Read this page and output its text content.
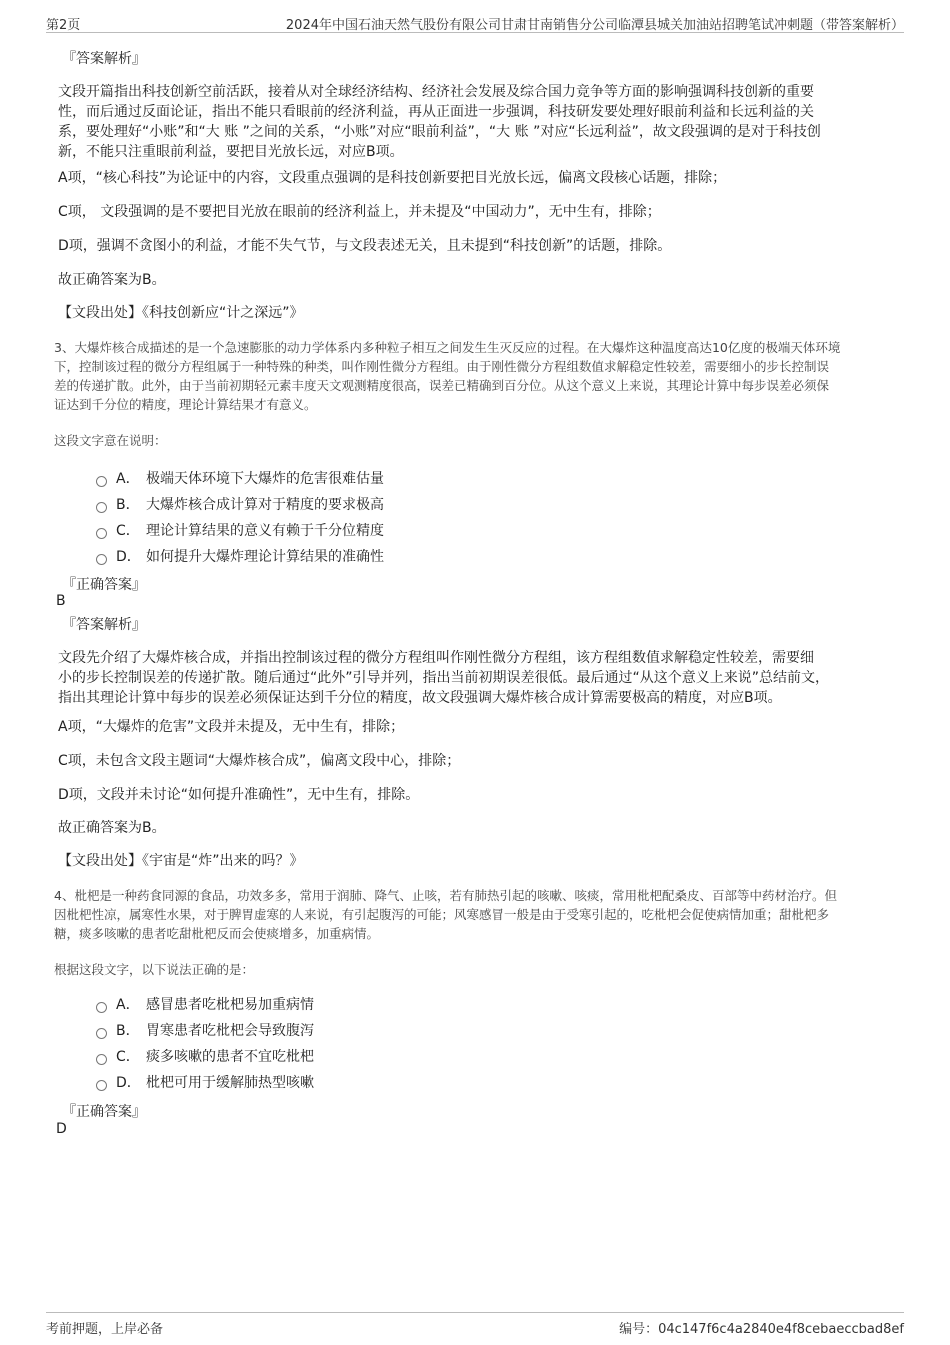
第2页	2024年中国石油天然气股份有限公司甘肃甘南销售分公司临潭县城关加油站招聘笔试冲刺题（带答案解析）
『答案解析』
文段开篇指出科技创新空前活跃，接着从对全球经济结构、经济社会发展及综合国力竞争等方面的影响强调科技创新的重要
性，而后通过反面论证，指出不能只看眼前的经济利益，再从正面进一步强调，科技研发要处理好眼前利益和长远利益的关
系，要处理好“小账”和“大 账 ”之间的关系，“小账”对应“眼前利益”，“大 账 ”对应“长远利益”，故文段强调的是对于科技创
新，不能只注重眼前利益，要把目光放长远，对应B项。
A项，“核心科技”为论证中的内容，文段重点强调的是科技创新要把目光放长远，偏离文段核心话题，排除；
C项， 文段强调的是不要把目光放在眼前的经济利益上，并未提及“中国动力”，无中生有，排除；
D项，强调不贪图小的利益，才能不失气节，与文段表述无关，且未提到“科技创新”的话题，排除。
故正确答案为B。
【文段出处】《科技创新应“计之深远”》
3、大爆炸核合成描述的是一个急速膨胀的动力学体系内多种粒子相互之间发生生灭反应的过程。在大爆炸这种温度高达10亿度的极端天体环境
下，控制该过程的微分方程组属于一种特殊的种类，叫作刚性微分方程组。由于刚性微分方程组数值求解稳定性较差，需要细小的步长控制误
差的传递扩散。此外，由于当前初期轻元素丰度天文观测精度很高，误差已精确到百分位。从这个意义上来说，其理论计算中每步误差必须保
证达到千分位的精度，理论计算结果才有意义。
这段文字意在说明：
A． 极端天体环境下大爆炸的危害很难估量
B． 大爆炸核合成计算对于精度的要求极高
C． 理论计算结果的意义有赖于千分位精度
D． 如何提升大爆炸理论计算结果的准确性
『正确答案』
B
『答案解析』
文段先介绍了大爆炸核合成，并指出控制该过程的微分方程组叫作刚性微分方程组，该方程组数值求解稳定性较差，需要细
小的步长控制误差的传递扩散。随后通过“此外”引导并列，指出当前初期误差很低。最后通过“从这个意义上来说”总结前文，
指出其理论计算中每步的误差必须保证达到千分位的精度，故文段强调大爆炸核合成计算需要极高的精度，对应B项。
A项，“大爆炸的危害”文段并未提及，无中生有，排除；
C项，未包含文段主题词“大爆炸核合成”，偏离文段中心，排除；
D项，文段并未讨论“如何提升准确性”，无中生有，排除。
故正确答案为B。
【文段出处】《宇宙是“炸”出来的吗？》
4、枇杷是一种药食同源的食品，功效多多，常用于润肺、降气、止咳，若有肺热引起的咳嗽、咳痰，常用枇杷配桑皮、百部等中药材治疗。但
因枇杷性凉，属寒性水果，对于脾胃虚寒的人来说，有引起腹泻的可能；风寒感冒一般是由于受寒引起的，吃枇杷会促使病情加重；甜枇杷多
糖，痰多咳嗽的患者吃甜枇杷反而会使痰增多，加重病情。
根据这段文字，以下说法正确的是：
A． 感冒患者吃枇杷易加重病情
B． 胃寒患者吃枇杷会导致腹泻
C． 痰多咳嗽的患者不宜吃枇杷
D． 枇杷可用于缓解肺热型咳嗽
『正确答案』
D
考前押题，上岸必备	编号：04c147f6c4a2840e4f8cebaeccbad8ef
